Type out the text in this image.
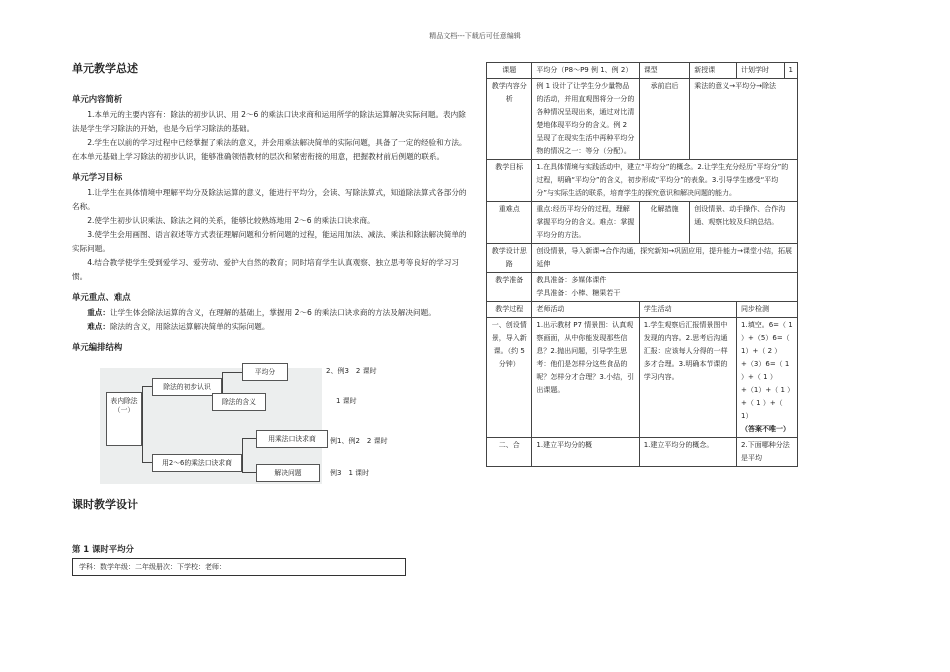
精品文档---下载后可任意编辑
单元教学总述
单元内容简析

1.本单元的主要内容有：除法的初步认识、用 2～6 的乘法口诀求商和运用所学的除法运算解决实际问题。表内除法是学生学习除法的开始，也是今后学习除法的基础。

2.学生在以前的学习过程中已经掌握了乘法的意义，并会用乘法解决简单的实际问题，具备了一定的经验和方法。在本单元基础上学习除法的初步认识，能够准确领悟教材的层次和紧密衔接的用意，把握教材前后例题的联系。

单元学习目标

1.让学生在具体情境中理解平均分及除法运算的意义，能进行平均分，会读、写除法算式，知道除法算式各部分的名称。

2.使学生初步认识乘法、除法之间的关系，能够比较熟练地用 2～6 的乘法口诀求商。

3.使学生会用画图、语言叙述等方式表征理解问题和分析问题的过程，能运用加法、减法、乘法和除法解决简单的实际问题。

4.结合教学使学生受到爱学习、爱劳动、爱护大自然的教育；同时培育学生认真观察、独立思考等良好的学习习惯。

单元重点、难点

重点：让学生体会除法运算的含义，在理解的基础上，掌握用 2～6 的乘法口诀求商的方法及解决问题。

难点：除法的含义，用除法运算解决简单的实际问题。

单元编排结构
表内除法（一）
除法的初步认识
平均分
除法的含义
用2～6的乘法口诀求商
用乘法口诀求商
解决问题
2、例3　2 课时
1 课时
例1、例2　2 课时
例3　1 课时
课时教学设计
第 1 课时平均分
学科：数学年级：二年级册次：下学校：老师：
课题	平均分（P8～P9 例 1、例 2）	课型	新授课	计划学时	1
教学内容分析	例 1 设计了让学生分少量物品的活动，并用直观图将分一分的各种情况呈现出来，通过对比清楚地体现平均分的含义。例 2 呈现了在现实生活中再种平均分物的情况之一：等分（分配）。	承前启后	乘法的意义→平均分→除法		
教学目标	1.在具体情境与实践活动中，建立“平均分”的概念。2.让学生充分经历“平均分”的过程，明确“平均分”的含义，初步形成“平均分”的表象。3.引导学生感受“平均分”与实际生活的联系，培育学生的探究意识和解决问题的能力。				
重难点	重点:经历平均分的过程，理解掌握平均分的含义。难点：掌握平均分的方法。	化解措施	创设情景、动手操作、合作沟通、观察比较及归纳总结。		
教学设计思路	创设情景，导入新课→合作沟通，探究新知→巩固应用，提升能力→课堂小结，拓展延伸				
教学准备	教具准备：多媒体课件
学具准备：小棒、糖果若干				

教学过程	老师活动	学生活动		同步检测	
一、创设情景，导入新课。（约 5 分钟）	1.出示教材 P7 情景图：认真观察画面，从中你能发现那些信息？2.抛出问题，引导学生思考：他们是怎样分这些食品的呢？怎样分才合理？3.小结，引出课题。	1.学生观察后汇报情景图中发现的内容。2.思考后沟通汇报：应该每人分得的一样多才合理。3.明确本节课的学习内容。		1.填空。6=（ 1 ）+（5）6=（　1）+（ 2 ）+（3）6=（ 1 ）+（ 1 ）+（1）+（ 1 ）+（ 1 ）+（　1）
（答案不唯一）	

二、合	1.建立平均分的概	1.建立平均分的概念。		2.下面哪种分法是平均	
